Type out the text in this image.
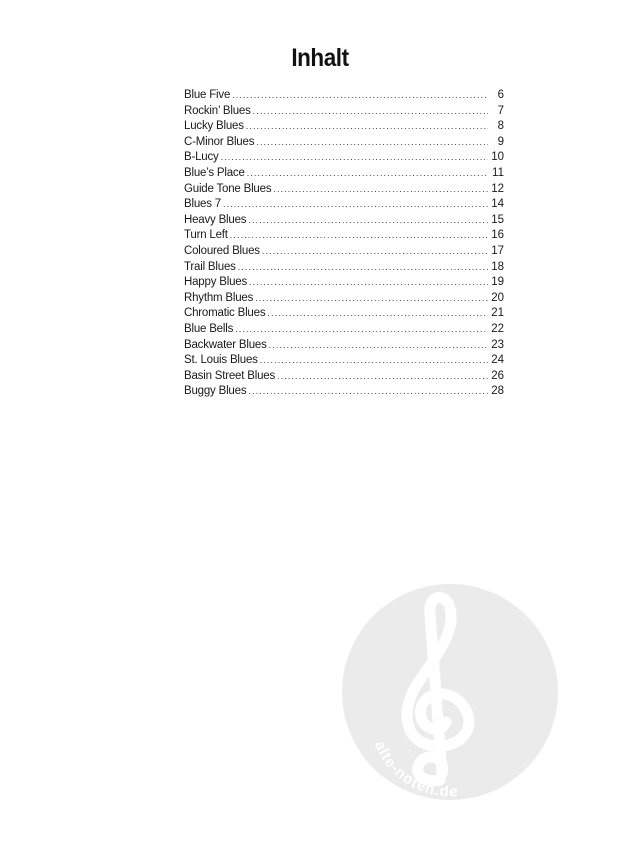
Inhalt
Blue Five .....	6
Rockin’ Blues .....	7
Lucky Blues .....	8
C-Minor Blues .....	9
B-Lucy .....	10
Blue’s Place .....	11
Guide Tone Blues .....	12
Blues 7 .....	14
Heavy Blues .....	15
Turn Left .....	16
Coloured Blues .....	17
Trail Blues .....	18
Happy Blues .....	19
Rhythm Blues .....	20
Chromatic Blues .....	21
Blue Bells .....	22
Backwater Blues .....	23
St. Louis Blues .....	24
Basin Street Blues .....	26
Buggy Blues .....	28
alte-noten.de
